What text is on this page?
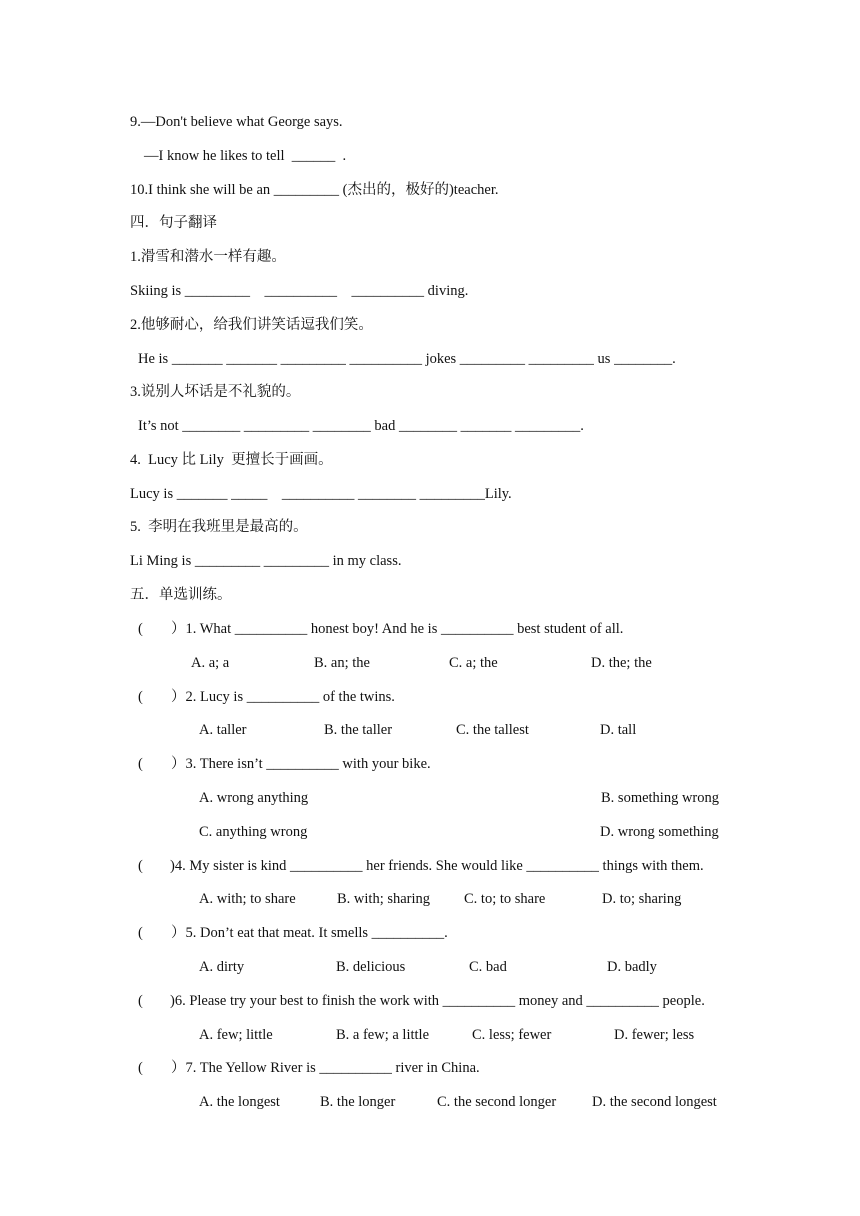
9.—Don't believe what George says.
—I know he likes to tell  ______  .
10.I think she will be an _________ (杰出的，极好的)teacher.
四．句子翻译
1.滑雪和潜水一样有趣。
Skiing is _________    __________    __________ diving.
2.他够耐心，给我们讲笑话逗我们笑。
He is _______ _______ _________ __________ jokes _________ _________ us ________.
3.说别人坏话是不礼貌的。
It’s not ________ _________ ________ bad ________ _______ _________.
4.  Lucy 比 Lily  更擅长于画画。
Lucy is _______ _____    __________ ________ _________Lily.
5.  李明在我班里是最高的。
Li Ming is _________ _________ in my class.
五．单选训练。
( ）1. What __________ honest boy! And he is __________ best student of all.
A. a; a	B. an; the	C. a; the	D. the; the
( ）2. Lucy is __________ of the twins.
A. taller	B. the taller	C. the tallest	D. tall
( ）3. There isn’t __________ with your bike.
A. wrong anything	B. something wrong
C. anything wrong	D. wrong something
( )4. My sister is kind __________ her friends. She would like __________ things with them.
A. with; to share	B. with; sharing C. to; to share	D. to; sharing
( ）5. Don’t eat that meat. It smells __________.
A. dirty	B. delicious	C. bad	D. badly
( )6. Please try your best to finish the work with __________ money and __________ people.
A. few; little	B. a few; a little	C. less; fewer	D. fewer; less
( ）7. The Yellow River is __________ river in China.
A. the longest	B. the longer	C. the second longer D. the second longest
